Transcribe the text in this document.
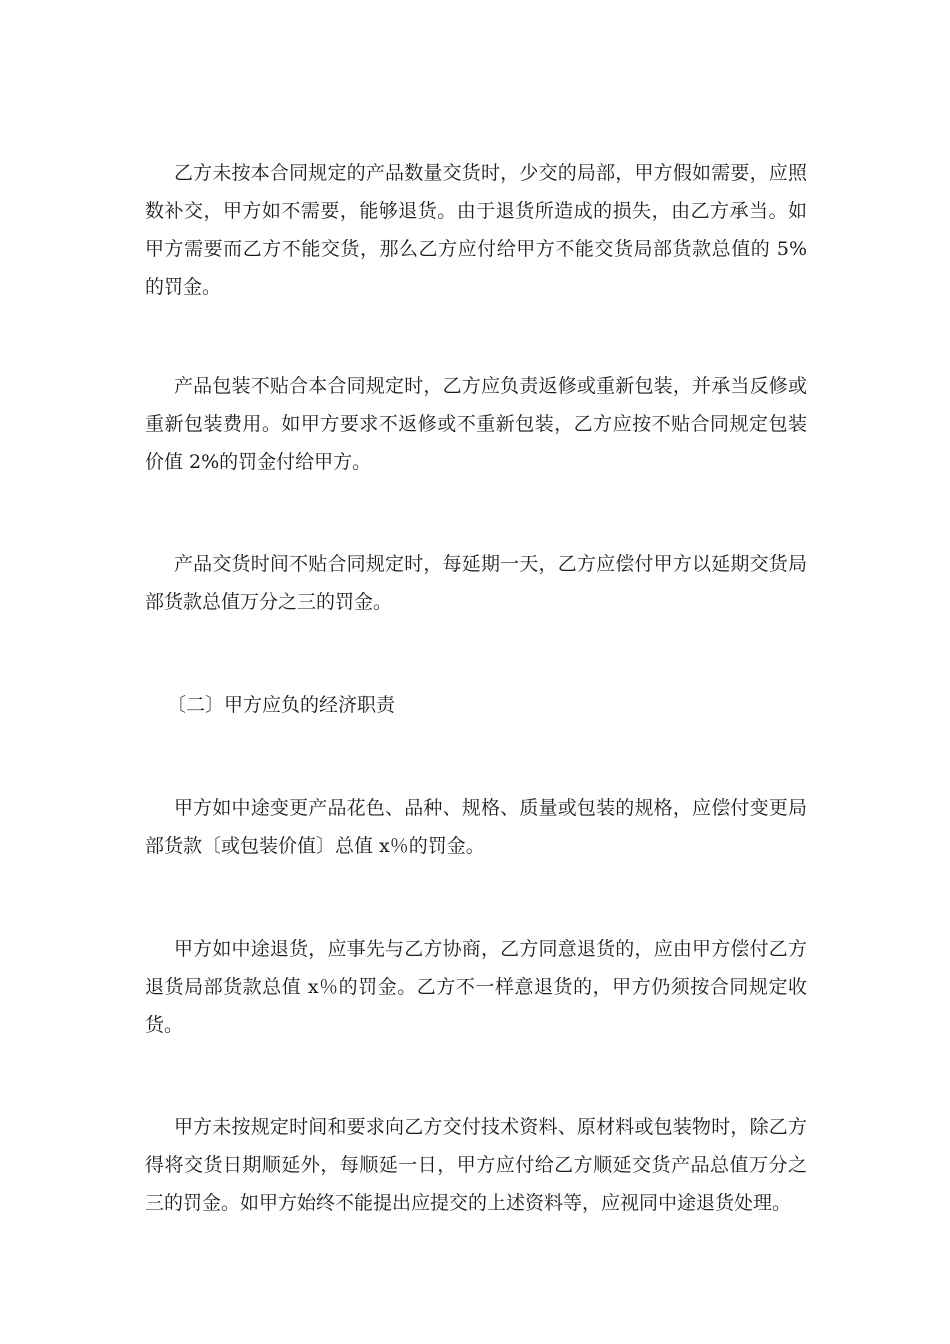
乙方未按本合同规定的产品数量交货时，少交的局部，甲方假如需要，应照数补交，甲方如不需要，能够退货。由于退货所造成的损失，由乙方承当。如甲方需要而乙方不能交货，那么乙方应付给甲方不能交货局部货款总值的 5%的罚金。

产品包装不贴合本合同规定时，乙方应负责返修或重新包装，并承当反修或重新包装费用。如甲方要求不返修或不重新包装，乙方应按不贴合同规定包装价值 2%的罚金付给甲方。

产品交货时间不贴合同规定时，每延期一天，乙方应偿付甲方以延期交货局部货款总值万分之三的罚金。

〔二〕甲方应负的经济职责

甲方如中途变更产品花色、品种、规格、质量或包装的规格，应偿付变更局部货款〔或包装价值〕总值 x％的罚金。

甲方如中途退货，应事先与乙方协商，乙方同意退货的，应由甲方偿付乙方退货局部货款总值 x％的罚金。乙方不一样意退货的，甲方仍须按合同规定收货。

甲方未按规定时间和要求向乙方交付技术资料、原材料或包装物时，除乙方得将交货日期顺延外，每顺延一日，甲方应付给乙方顺延交货产品总值万分之三的罚金。如甲方始终不能提出应提交的上述资料等，应视同中途退货处理。
